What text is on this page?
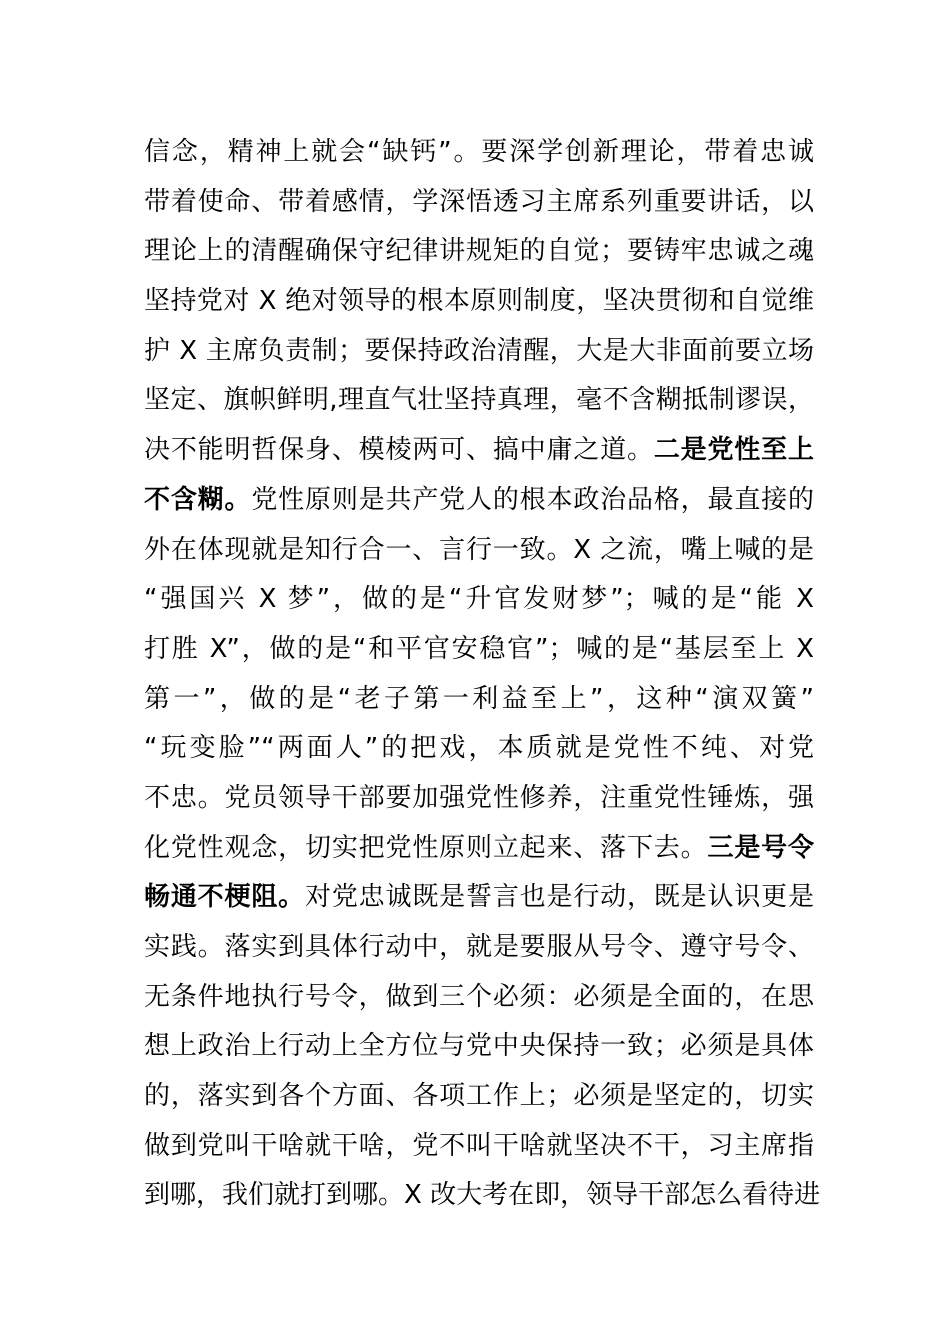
信念，精神上就会“缺钙”。要深学创新理论，带着忠诚
带着使命、带着感情，学深悟透习主席系列重要讲话，以
理论上的清醒确保守纪律讲规矩的自觉；要铸牢忠诚之魂
坚持党对 X 绝对领导的根本原则制度，坚决贯彻和自觉维
护 X 主席负责制；要保持政治清醒，大是大非面前要立场
坚定、旗帜鲜明,理直气壮坚持真理，毫不含糊抵制谬误，
决不能明哲保身、模棱两可、搞中庸之道。二是党性至上
不含糊。党性原则是共产党人的根本政治品格，最直接的
外在体现就是知行合一、言行一致。X 之流，嘴上喊的是
“强国兴 X 梦”，做的是“升官发财梦”；喊的是“能 X
打胜 X”，做的是“和平官安稳官”；喊的是“基层至上 X
第一”，做的是“老子第一利益至上”，这种“演双簧”
“玩变脸”“两面人”的把戏，本质就是党性不纯、对党
不忠。党员领导干部要加强党性修养，注重党性锤炼，强
化党性观念，切实把党性原则立起来、落下去。三是号令
畅通不梗阻。对党忠诚既是誓言也是行动，既是认识更是
实践。落实到具体行动中，就是要服从号令、遵守号令、
无条件地执行号令，做到三个必须：必须是全面的，在思
想上政治上行动上全方位与党中央保持一致；必须是具体
的，落实到各个方面、各项工作上；必须是坚定的，切实
做到党叫干啥就干啥，党不叫干啥就坚决不干，习主席指
到哪，我们就打到哪。X 改大考在即，领导干部怎么看待进
